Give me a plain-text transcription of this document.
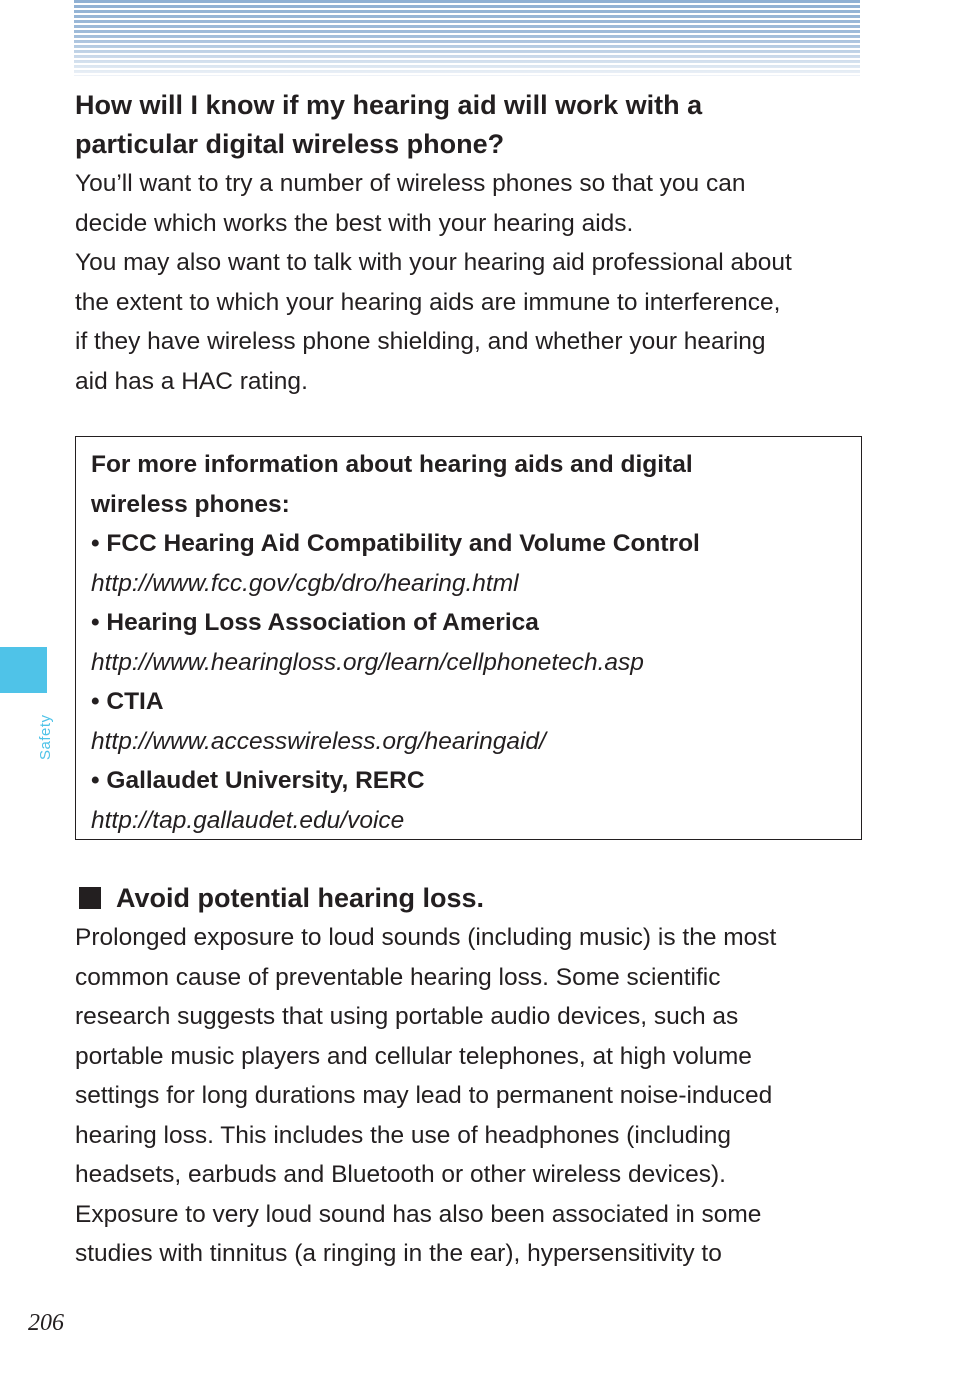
Safety

How will I know if my hearing aid will work with a

particular digital wireless phone?

You’ll want to try a number of wireless phones so that you can

decide which works the best with your hearing aids.

You may also want to talk with your hearing aid professional about

the extent to which your hearing aids are immune to interference,

if they have wireless phone shielding, and whether your hearing

aid has a HAC rating.

For more information about hearing aids and digital

wireless phones:

• FCC Hearing Aid Compatibility and Volume Control

http://www.fcc.gov/cgb/dro/hearing.html

• Hearing Loss Association of America

http://www.hearingloss.org/learn/cellphonetech.asp

• CTIA

http://www.accesswireless.org/hearingaid/

• Gallaudet University, RERC

http://tap.gallaudet.edu/voice

Avoid potential hearing loss.

Prolonged exposure to loud sounds (including music) is the most

common cause of preventable hearing loss. Some scientific

research suggests that using portable audio devices, such as

portable music players and cellular telephones, at high volume

settings for long durations may lead to permanent noise-induced

hearing loss. This includes the use of headphones (including

headsets, earbuds and Bluetooth or other wireless devices).

Exposure to very loud sound has also been associated in some

studies with tinnitus (a ringing in the ear), hypersensitivity to

206
